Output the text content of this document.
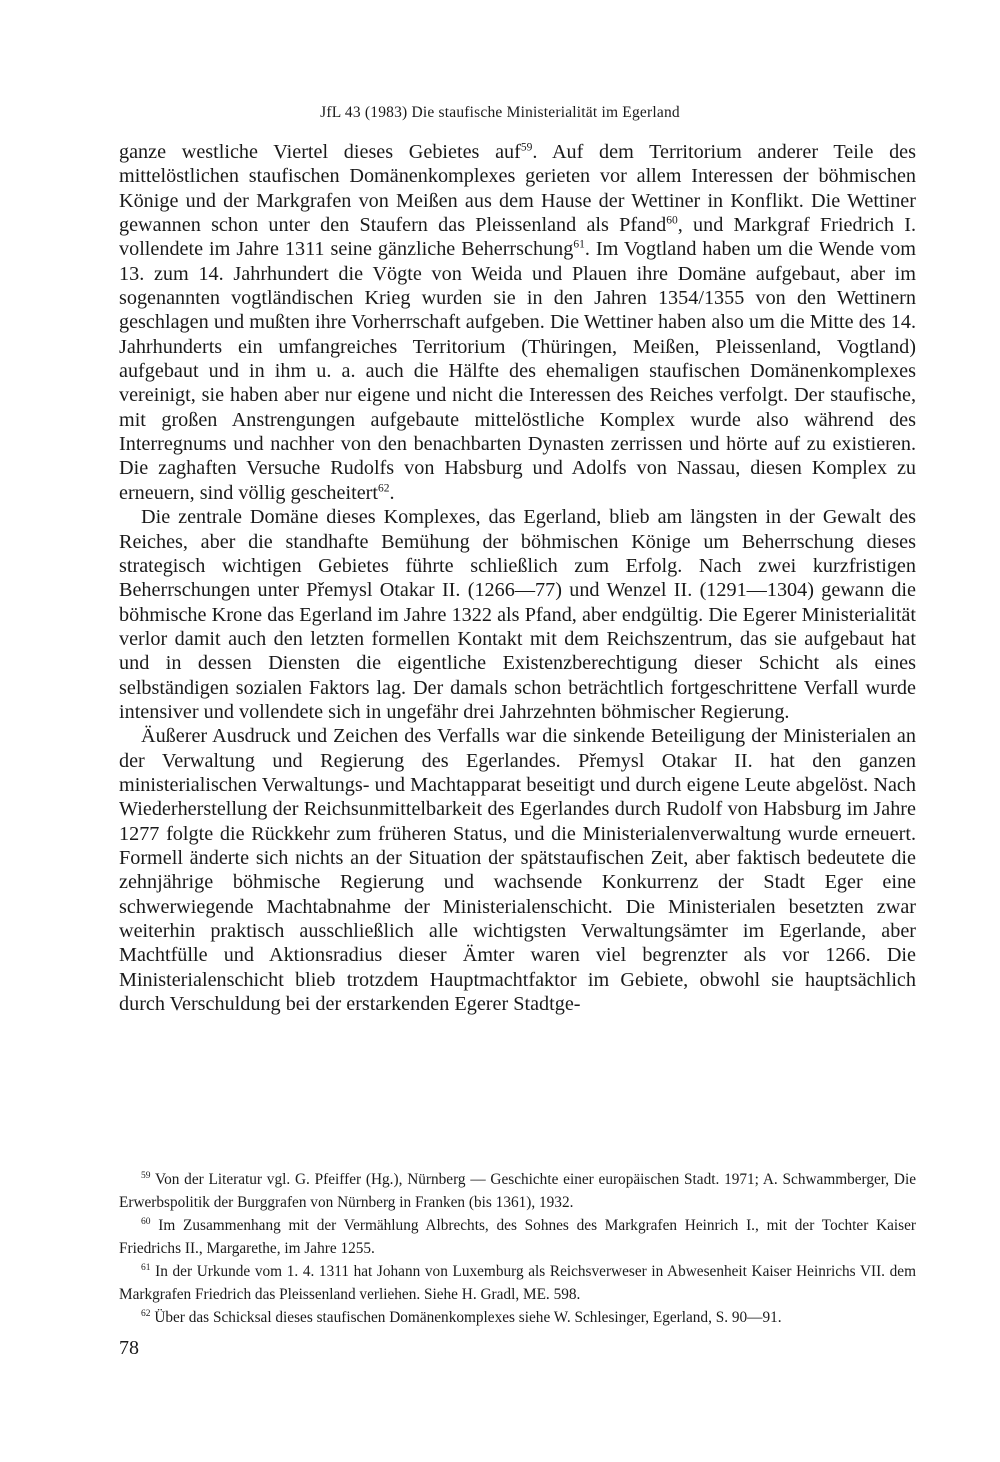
JfL 43 (1983) Die staufische Ministerialität im Egerland

ganze westliche Viertel dieses Gebietes auf$^{59}$. Auf dem Territorium anderer Teile des mittelöstlichen staufischen Domänenkomplexes gerieten vor allem Interessen der böhmischen Könige und der Markgrafen von Meißen aus dem Hause der Wettiner in Konflikt. Die Wettiner gewannen schon unter den Staufern das Pleissenland als Pfand$^{60}$, und Markgraf Friedrich I. vollendete im Jahre 1311 seine gänzliche Beherrschung$^{61}$. Im Vogtland haben um die Wende vom 13. zum 14. Jahrhundert die Vögte von Weida und Plauen ihre Domäne aufgebaut, aber im sogenannten vogtländischen Krieg wurden sie in den Jahren 1354/1355 von den Wettinern geschlagen und mußten ihre Vorherrschaft aufgeben. Die Wettiner haben also um die Mitte des 14. Jahrhunderts ein umfangreiches Territorium (Thüringen, Meißen, Pleissenland, Vogtland) aufgebaut und in ihm u. a. auch die Hälfte des ehemaligen staufischen Domänenkomplexes vereinigt, sie haben aber nur eigene und nicht die Interessen des Reiches verfolgt. Der staufische, mit großen Anstrengungen aufgebaute mittelöstliche Komplex wurde also während des Interregnums und nachher von den benachbarten Dynasten zerrissen und hörte auf zu existieren. Die zaghaften Versuche Rudolfs von Habsburg und Adolfs von Nassau, diesen Komplex zu erneuern, sind völlig gescheitert$^{62}$.

Die zentrale Domäne dieses Komplexes, das Egerland, blieb am längsten in der Gewalt des Reiches, aber die standhafte Bemühung der böhmischen Könige um Beherrschung dieses strategisch wichtigen Gebietes führte schließlich zum Erfolg. Nach zwei kurzfristigen Beherrschungen unter Přemysl Otakar II. (1266—77) und Wenzel II. (1291—1304) gewann die böhmische Krone das Egerland im Jahre 1322 als Pfand, aber endgültig. Die Egerer Ministerialität verlor damit auch den letzten formellen Kontakt mit dem Reichszentrum, das sie aufgebaut hat und in dessen Diensten die eigentliche Existenzberechtigung dieser Schicht als eines selbständigen sozialen Faktors lag. Der damals schon beträchtlich fortgeschrittene Verfall wurde intensiver und vollendete sich in ungefähr drei Jahrzehnten böhmischer Regierung.

Äußerer Ausdruck und Zeichen des Verfalls war die sinkende Beteiligung der Ministerialen an der Verwaltung und Regierung des Egerlandes. Přemysl Otakar II. hat den ganzen ministerialischen Verwaltungs- und Machtapparat beseitigt und durch eigene Leute abgelöst. Nach Wiederherstellung der Reichsunmittelbarkeit des Egerlandes durch Rudolf von Habsburg im Jahre 1277 folgte die Rückkehr zum früheren Status, und die Ministerialenverwaltung wurde erneuert. Formell änderte sich nichts an der Situation der spätstaufischen Zeit, aber faktisch bedeutete die zehnjährige böhmische Regierung und wachsende Konkurrenz der Stadt Eger eine schwerwiegende Machtabnahme der Ministerialenschicht. Die Ministerialen besetzten zwar weiterhin praktisch ausschließlich alle wichtigsten Verwaltungsämter im Egerlande, aber Machtfülle und Aktionsradius dieser Ämter waren viel begrenzter als vor 1266. Die Ministerialenschicht blieb trotzdem Hauptmachtfaktor im Gebiete, obwohl sie hauptsächlich durch Verschuldung bei der erstarkenden Egerer Stadtge-

$^{59}$ Von der Literatur vgl. G. Pfeiffer (Hg.), Nürnberg — Geschichte einer europäischen Stadt. 1971; A. Schwammberger, Die Erwerbspolitik der Burggrafen von Nürnberg in Franken (bis 1361), 1932.

$^{60}$ Im Zusammenhang mit der Vermählung Albrechts, des Sohnes des Markgrafen Heinrich I., mit der Tochter Kaiser Friedrichs II., Margarethe, im Jahre 1255.

$^{61}$ In der Urkunde vom 1. 4. 1311 hat Johann von Luxemburg als Reichsverweser in Abwesenheit Kaiser Heinrichs VII. dem Markgrafen Friedrich das Pleissenland verliehen. Siehe H. Gradl, ME. 598.

$^{62}$ Über das Schicksal dieses staufischen Domänenkomplexes siehe W. Schlesinger, Egerland, S. 90—91.

78
